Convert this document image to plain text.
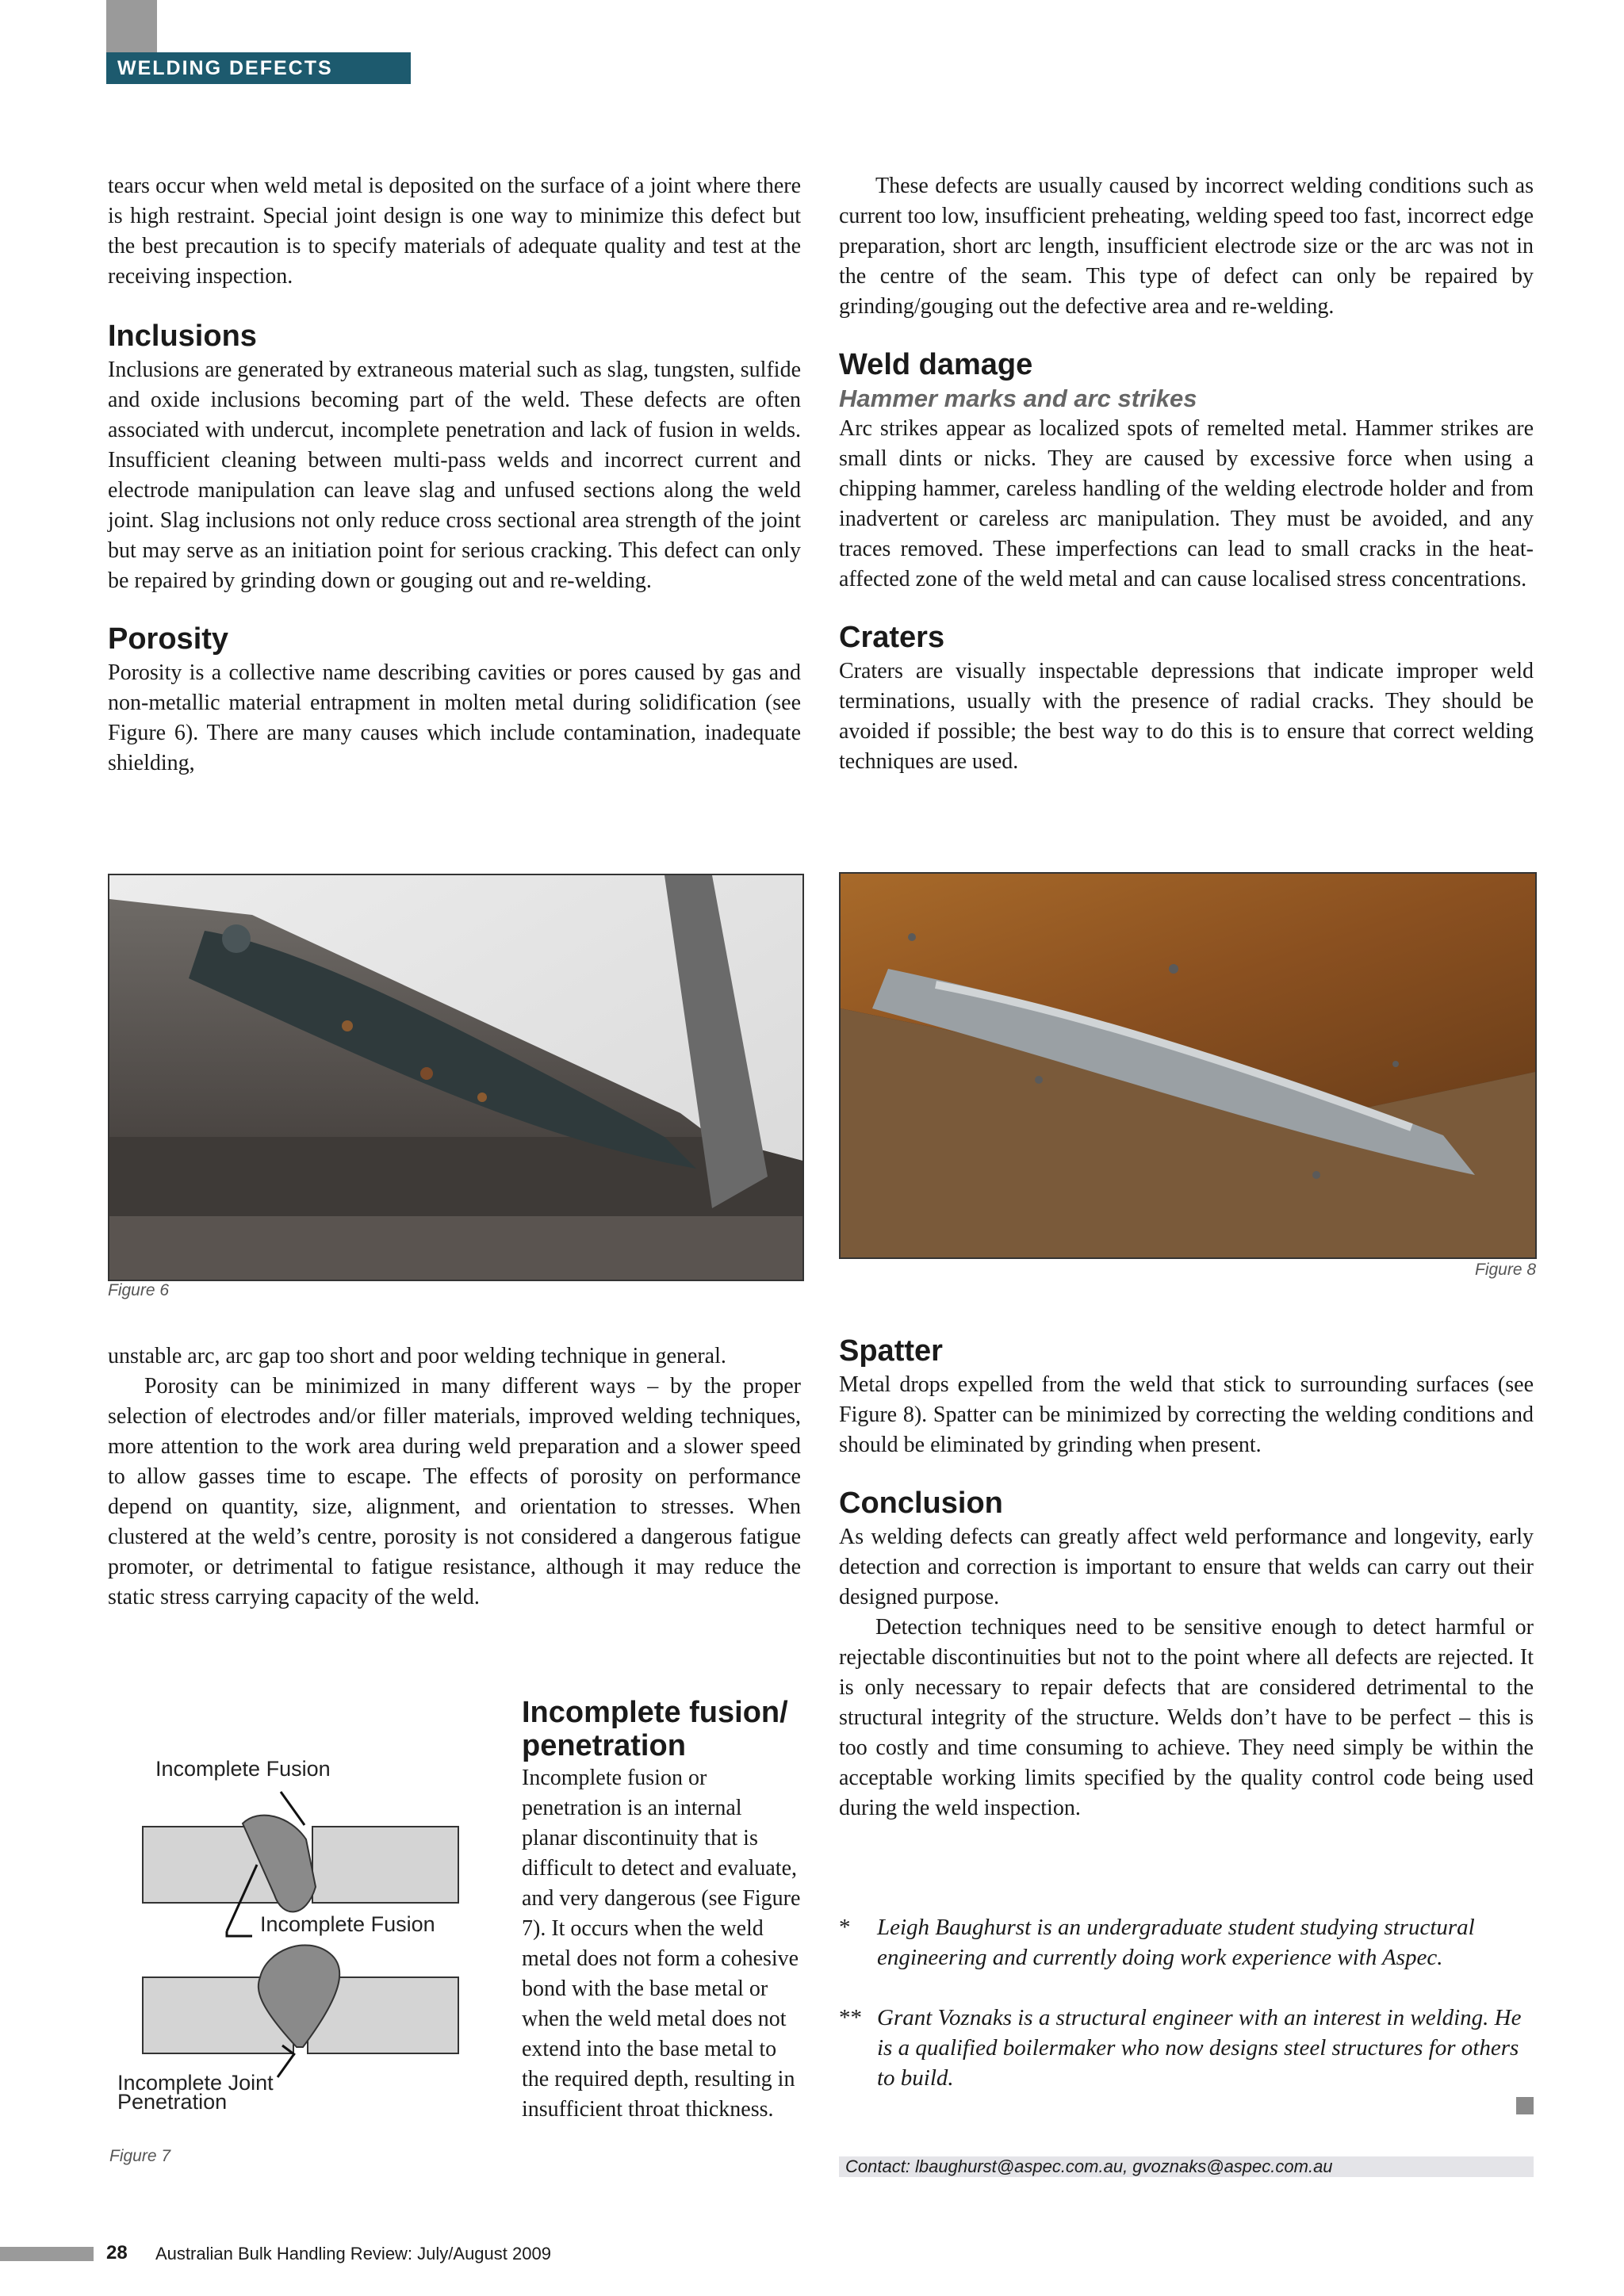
WELDING DEFECTS

tears occur when weld metal is deposited on the surface of a joint where there is high restraint. Special joint design is one way to minimize this defect but the best precaution is to specify materials of adequate quality and test at the receiving inspection.

Inclusions

Inclusions are generated by extraneous material such as slag, tungsten, sulfide and oxide inclusions becoming part of the weld. These defects are often associated with undercut, incomplete penetration and lack of fusion in welds. Insufficient cleaning between multi-pass welds and incorrect current and electrode manipulation can leave slag and unfused sections along the weld joint. Slag inclusions not only reduce cross sectional area strength of the joint but may serve as an initiation point for serious cracking. This defect can only be repaired by grinding down or gouging out and re-welding.

Porosity

Porosity is a collective name describing cavities or pores caused by gas and non-metallic material entrapment in molten metal during solidification (see Figure 6). There are many causes which include contamination, inadequate shielding,

These defects are usually caused by incorrect welding conditions such as current too low, insufficient preheating, welding speed too fast, incorrect edge preparation, short arc length, insufficient electrode size or the arc was not in the centre of the seam. This type of defect can only be repaired by grinding/gouging out the defective area and re-welding.

Weld damage
Hammer marks and arc strikes

Arc strikes appear as localized spots of remelted metal. Hammer strikes are small dints or nicks. They are caused by excessive force when using a chipping hammer, careless handling of the welding electrode holder and from inadvertent or careless arc manipulation. They must be avoided, and any traces removed. These imperfections can lead to small cracks in the heat-affected zone of the weld metal and can cause localised stress concentrations.

Craters

Craters are visually inspectable depressions that indicate improper weld terminations, usually with the presence of radial cracks. They should be avoided if possible; the best way to do this is to ensure that correct welding techniques are used.

Figure 6
Figure 8

unstable arc, arc gap too short and poor welding technique in general.

Porosity can be minimized in many different ways – by the proper selection of electrodes and/or filler materials, improved welding techniques, more attention to the work area during weld preparation and a slower speed to allow gasses time to escape. The effects of porosity on performance depend on quantity, size, alignment, and orientation to stresses. When clustered at the weld’s centre, porosity is not considered a dangerous fatigue promoter, or detrimental to fatigue resistance, although it may reduce the static stress carrying capacity of the weld.

Incomplete Fusion
Incomplete Fusion
Incomplete Joint
Penetration
Figure 7
Incomplete fusion/
penetration

Incomplete fusion or penetration is an internal planar discontinuity that is difficult to detect and evaluate, and very dangerous (see Figure 7). It occurs when the weld metal does not form a cohesive bond with the base metal or when the weld metal does not extend into the base metal to the required depth, resulting in insufficient throat thickness.

Spatter

Metal drops expelled from the weld that stick to surrounding surfaces (see Figure 8). Spatter can be minimized by correcting the welding conditions and should be eliminated by grinding when present.

Conclusion

As welding defects can greatly affect weld performance and longevity, early detection and correction is important to ensure that welds can carry out their designed purpose.

Detection techniques need to be sensitive enough to detect harmful or rejectable discontinuities but not to the point where all defects are rejected. It is only necessary to repair defects that are considered detrimental to the structural integrity of the structure. Welds don’t have to be perfect – this is too costly and time consuming to achieve. They need simply be within the acceptable working limits specified by the quality control code being used during the weld inspection.

* Leigh Baughurst is an undergraduate student studying structural engineering and currently doing work experience with Aspec.

** Grant Voznaks is a structural engineer with an interest in welding. He is a qualified boilermaker who now designs steel structures for others to build.

Contact: lbaughurst@aspec.com.au, gvoznaks@aspec.com.au
28 Australian Bulk Handling Review: July/August 2009
